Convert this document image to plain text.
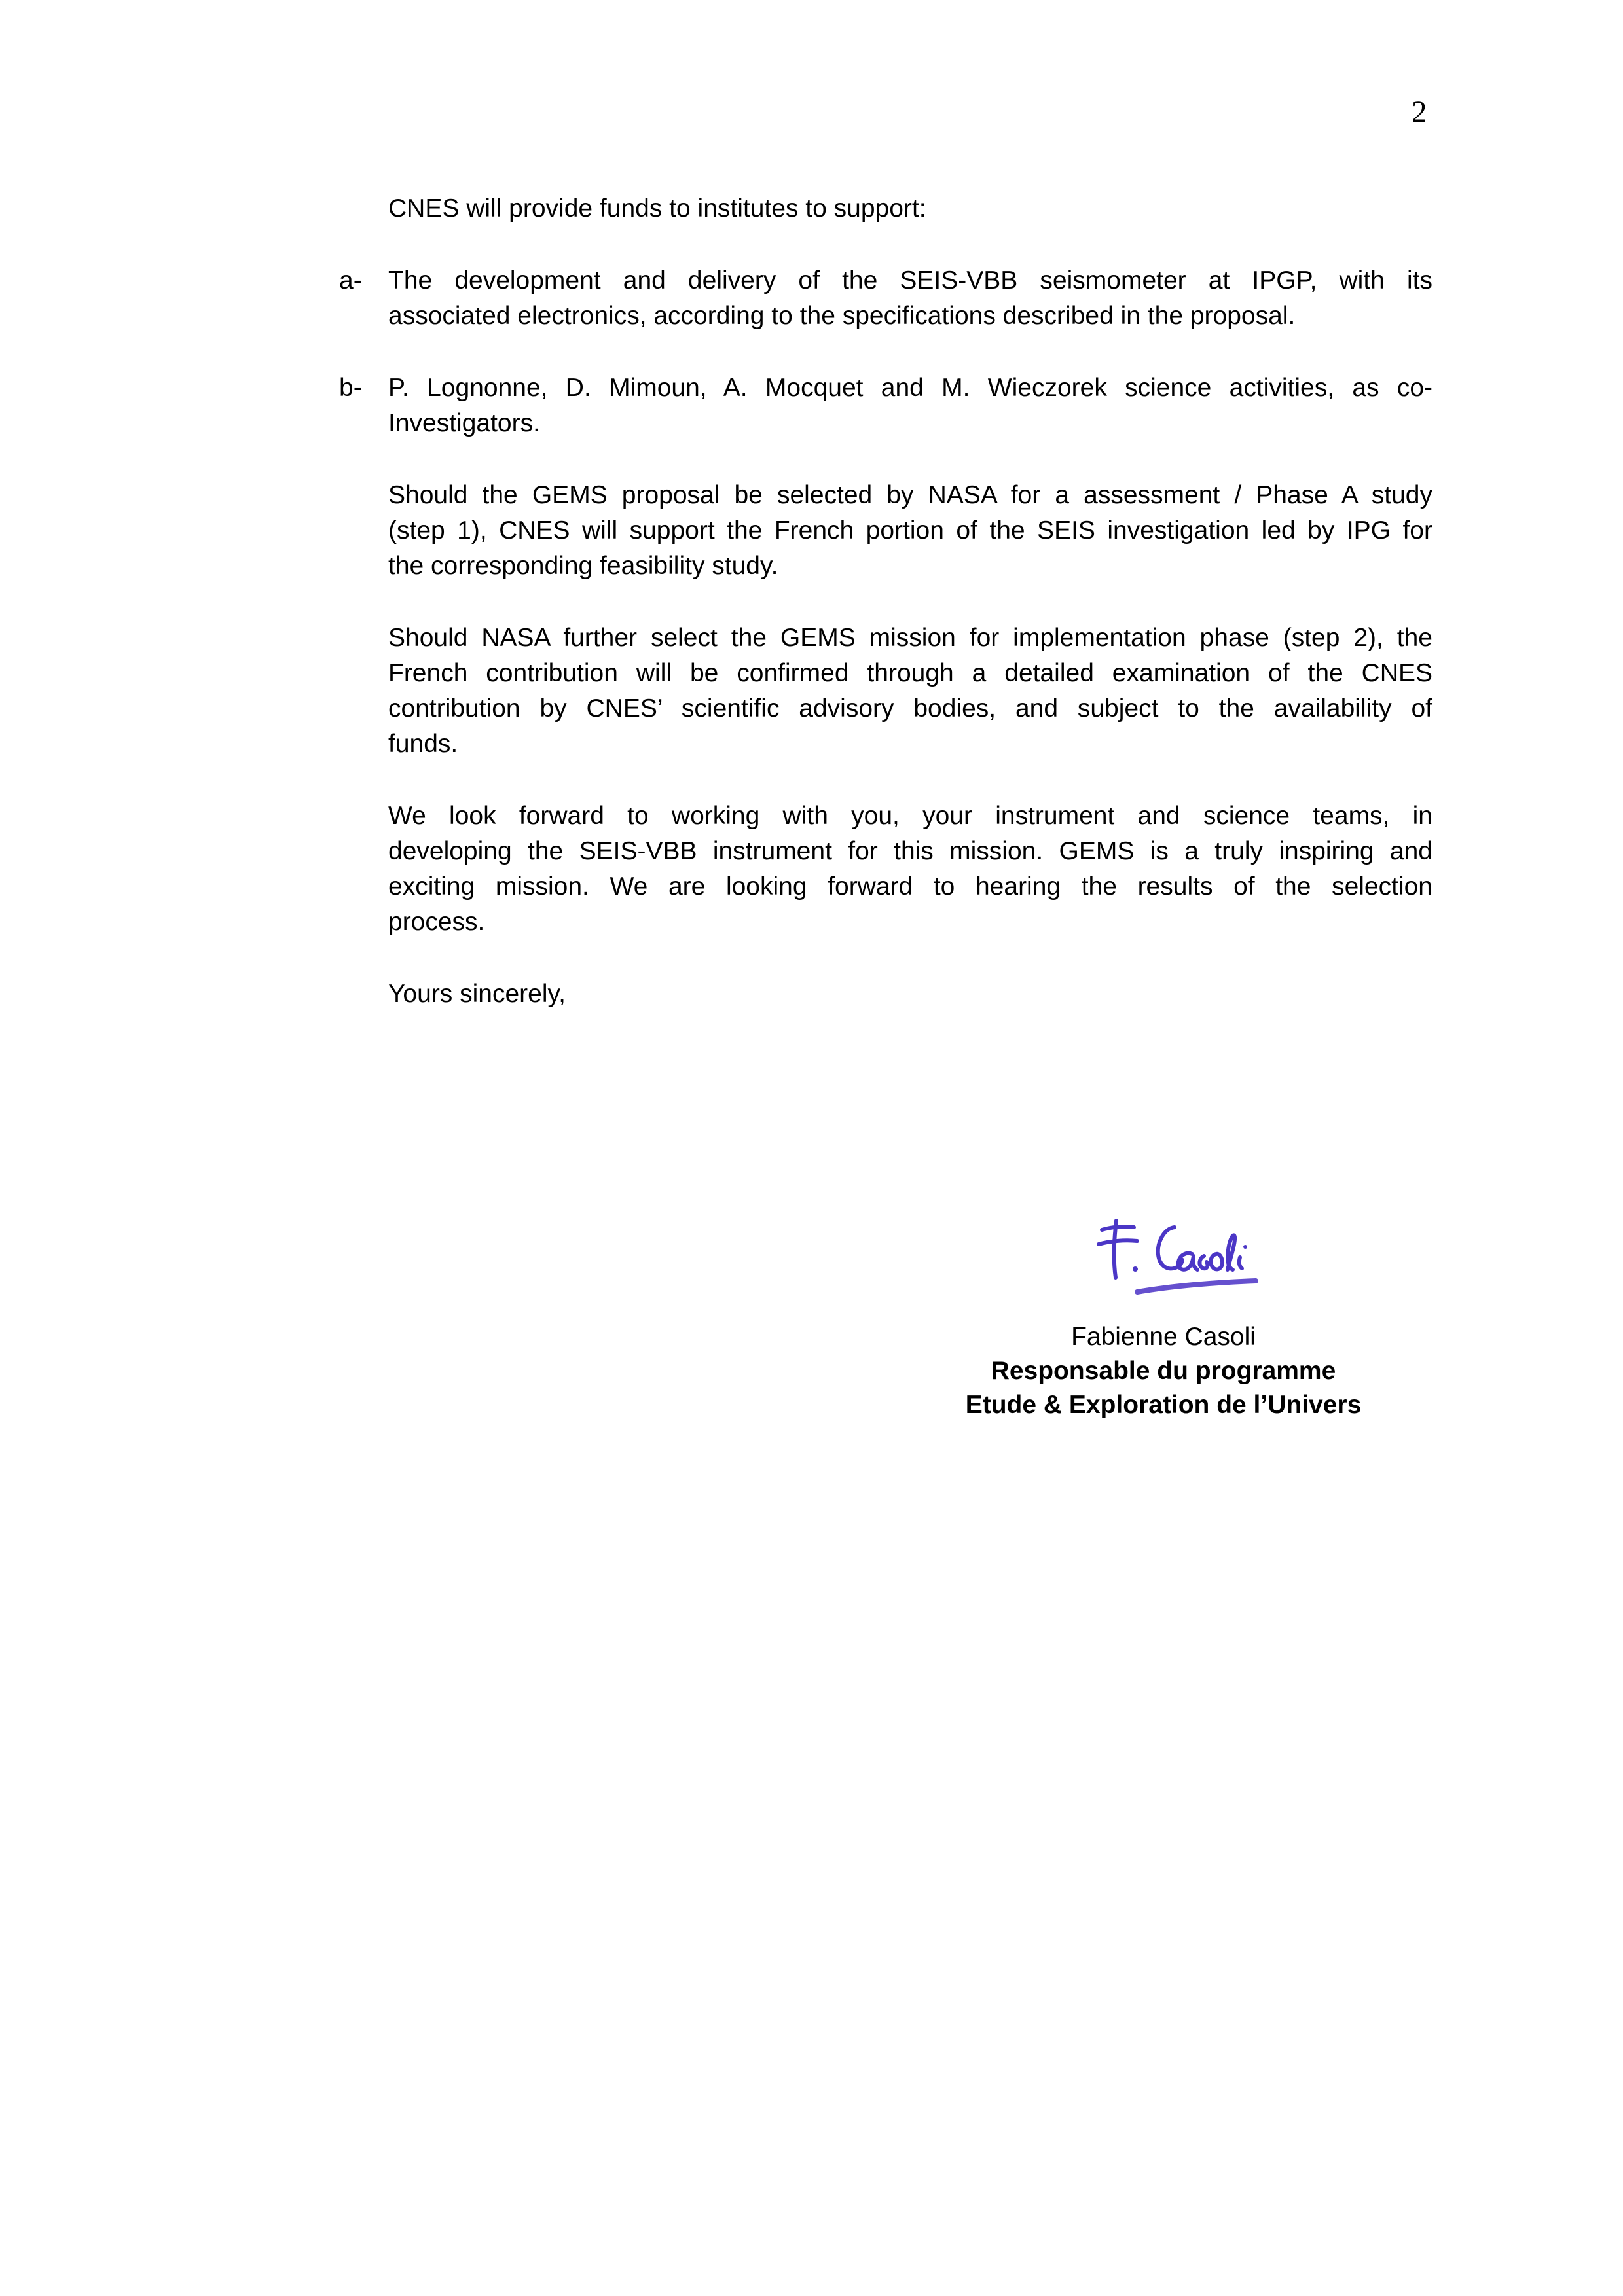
2
CNES will provide funds to institutes to support:
a- The development and delivery of the SEIS-VBB seismometer at IPGP, with its
associated electronics, according to the specifications described in the proposal.
b- P. Lognonne, D. Mimoun, A. Mocquet and M. Wieczorek science activities, as co-
Investigators.
Should the GEMS proposal be selected by NASA for a assessment / Phase A study
(step 1), CNES will support the French portion of the SEIS investigation led by IPG for
the corresponding feasibility study.
Should NASA further select the GEMS mission for implementation phase (step 2), the
French contribution will be confirmed through a detailed examination of the CNES
contribution by CNES’ scientific advisory bodies, and subject to the availability of
funds.
We look forward to working with you, your instrument and science teams, in
developing the SEIS-VBB instrument for this mission. GEMS is a truly inspiring and
exciting mission. We are looking forward to hearing the results of the selection
process.
Yours sincerely,
Fabienne Casoli
Responsable du programme
Etude & Exploration de l’Univers
